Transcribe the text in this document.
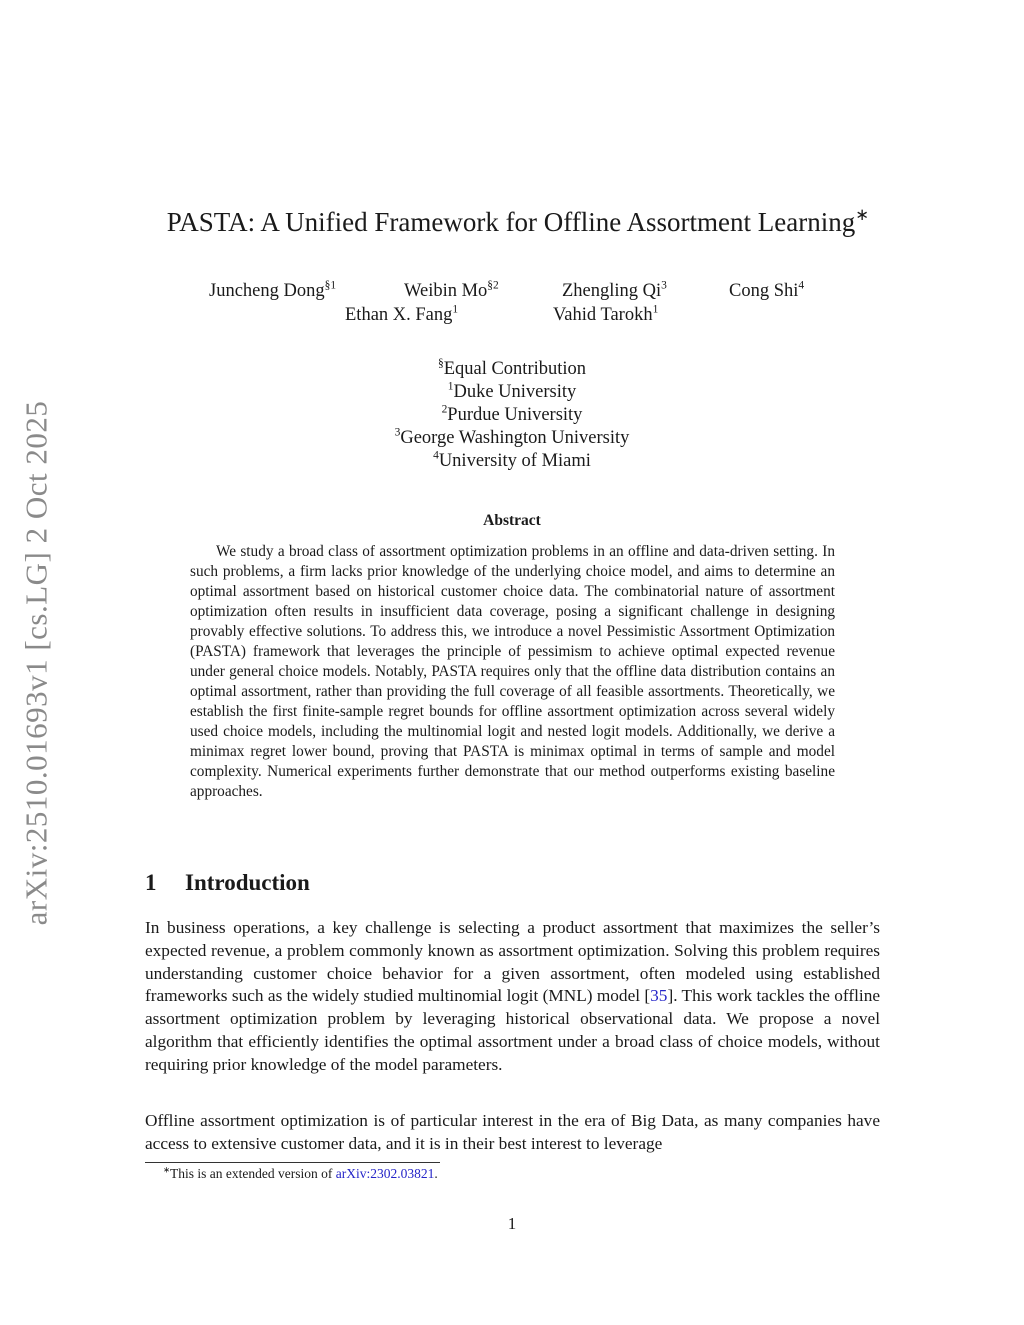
arXiv:2510.01693v1 [cs.LG] 2 Oct 2025
PASTA: A Unified Framework for Offline Assortment Learning∗
Juncheng Dong$^{\S 1}$	Weibin Mo$^{\S 2}$	Zhengling Qi$^3$	Cong Shi$^4$
Ethan X. Fang$^1$	Vahid Tarokh$^1$
§Equal Contribution
$^1$Duke University
$^2$Purdue University
$^3$George Washington University
$^4$University of Miami
Abstract

We study a broad class of assortment optimization problems in an offline and data-driven setting. In such problems, a firm lacks prior knowledge of the underlying choice model, and aims to determine an optimal assortment based on historical customer choice data. The combinatorial nature of assortment optimization often results in insufficient data coverage, posing a significant challenge in designing provably effective solutions. To address this, we introduce a novel Pessimistic Assortment Optimization (PASTA) framework that leverages the principle of pessimism to achieve optimal expected revenue under general choice models. Notably, PASTA requires only that the offline data distribution contains an optimal assortment, rather than providing the full coverage of all feasible assortments. Theoretically, we establish the first finite-sample regret bounds for offline assortment optimization across several widely used choice models, including the multinomial logit and nested logit models. Additionally, we derive a minimax regret lower bound, proving that PASTA is minimax optimal in terms of sample and model complexity. Numerical experiments further demonstrate that our method outperforms existing baseline approaches.

1 Introduction

In business operations, a key challenge is selecting a product assortment that maximizes the seller’s expected revenue, a problem commonly known as assortment optimization. Solving this problem requires understanding customer choice behavior for a given assortment, often modeled using established frameworks such as the widely studied multinomial logit (MNL) model [35]. This work tackles the offline assortment optimization problem by leveraging historical observational data. We propose a novel algorithm that efficiently identifies the optimal assortment under a broad class of choice models, without requiring prior knowledge of the model parameters.

Offline assortment optimization is of particular interest in the era of Big Data, as many companies have access to extensive customer data, and it is in their best interest to leverage

∗This is an extended version of arXiv:2302.03821.
1
